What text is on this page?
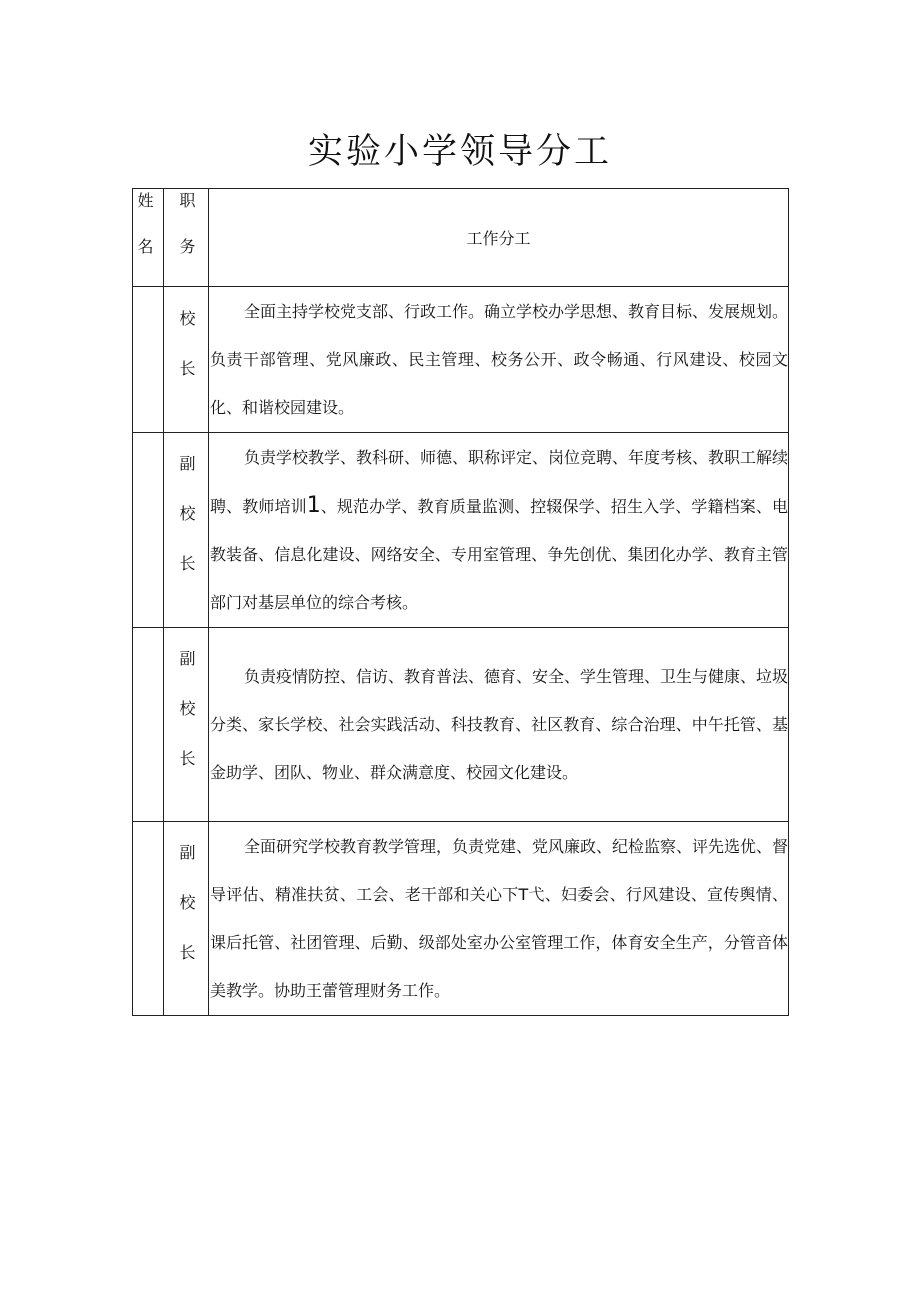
实验小学领导分工
姓名	职务	工作分工

	校长	全面主持学校党支部、行政工作。确立学校办学思想、教育目标、发展规划。负责干部管理、党风廉政、民主管理、校务公开、政令畅通、行风建设、校园文化、和谐校园建设。

	副校长	负责学校教学、教科研、师德、职称评定、岗位竞聘、年度考核、教职工解续聘、教师培训1、规范办学、教育质量监测、控辍保学、招生入学、学籍档案、电教装备、信息化建设、网络安全、专用室管理、争先创优、集团化办学、教育主管部门对基层单位的综合考核。

	副校长	负责疫情防控、信访、教育普法、德育、安全、学生管理、卫生与健康、垃圾分类、家长学校、社会实践活动、科技教育、社区教育、综合治理、中午托管、基金助学、团队、物业、群众满意度、校园文化建设。

	副校长	全面研究学校教育教学管理，负责党建、党风廉政、纪检监察、评先选优、督导评估、精准扶贫、工会、老干部和关心下T弋、妇委会、行风建设、宣传舆情、课后托管、社团管理、后勤、级部处室办公室管理工作，体育安全生产，分管音体美教学。协助王蕾管理财务工作。
